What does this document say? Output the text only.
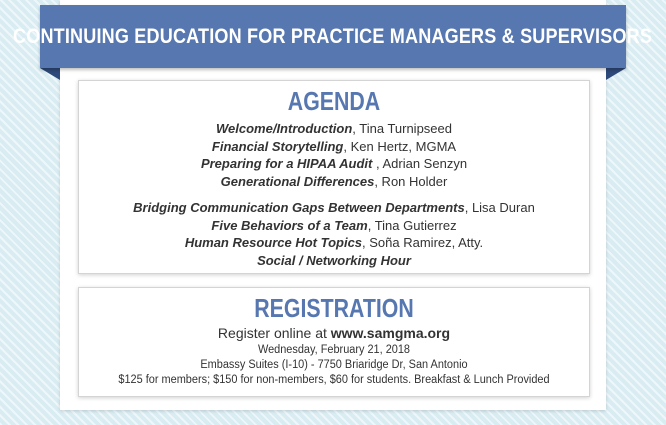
CONTINUING EDUCATION FOR PRACTICE MANAGERS & SUPERVISORS
AGENDA
Welcome/Introduction, Tina Turnipseed
Financial Storytelling, Ken Hertz, MGMA
Preparing for a HIPAA Audit , Adrian Senzyn
Generational Differences, Ron Holder
Bridging Communication Gaps Between Departments, Lisa Duran
Five Behaviors of a Team, Tina Gutierrez
Human Resource Hot Topics, Soña Ramirez, Atty.
Social / Networking Hour
REGISTRATION
Register online at www.samgma.org
Wednesday, February 21, 2018
Embassy Suites (I-10) - 7750 Briaridge Dr, San Antonio
$125 for members; $150 for non-members, $60 for students. Breakfast & Lunch Provided
